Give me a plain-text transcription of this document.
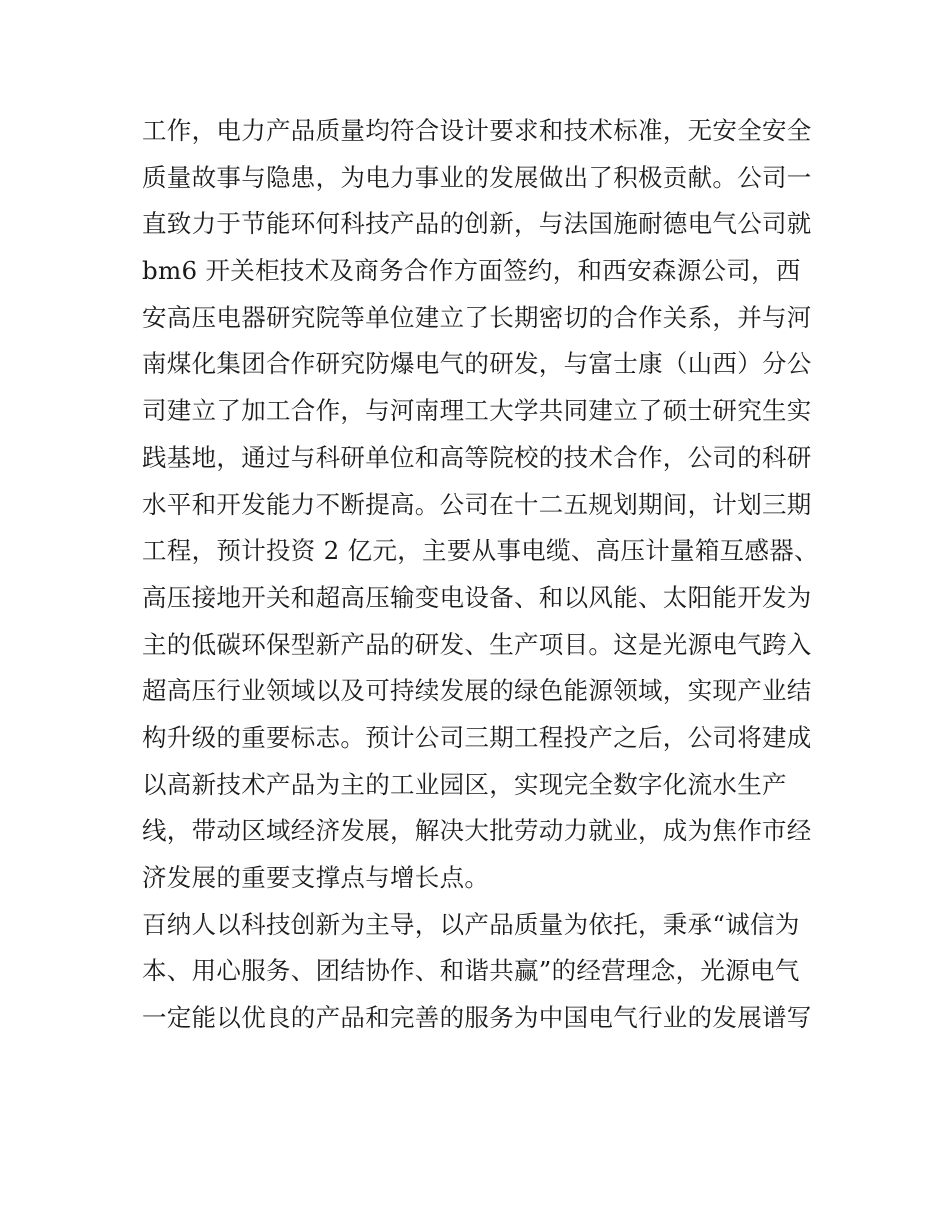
工作，电力产品质量均符合设计要求和技术标准，无安全安全
质量故事与隐患，为电力事业的发展做出了积极贡献。公司一
直致力于节能环何科技产品的创新，与法国施耐德电气公司就
bm6 开关柜技术及商务合作方面签约，和西安森源公司，西
安高压电器研究院等单位建立了长期密切的合作关系，并与河
南煤化集团合作研究防爆电气的研发，与富士康（山西）分公
司建立了加工合作，与河南理工大学共同建立了硕士研究生实
践基地，通过与科研单位和高等院校的技术合作，公司的科研
水平和开发能力不断提高。公司在十二五规划期间，计划三期
工程，预计投资 2 亿元，主要从事电缆、高压计量箱互感器、
高压接地开关和超高压输变电设备、和以风能、太阳能开发为
主的低碳环保型新产品的研发、生产项目。这是光源电气跨入
超高压行业领域以及可持续发展的绿色能源领域，实现产业结
构升级的重要标志。预计公司三期工程投产之后，公司将建成
以高新技术产品为主的工业园区，实现完全数字化流水生产
线，带动区域经济发展，解决大批劳动力就业，成为焦作市经
济发展的重要支撑点与增长点。
百纳人以科技创新为主导，以产品质量为依托，秉承“诚信为
本、用心服务、团结协作、和谐共赢”的经营理念，光源电气
一定能以优良的产品和完善的服务为中国电气行业的发展谱写
